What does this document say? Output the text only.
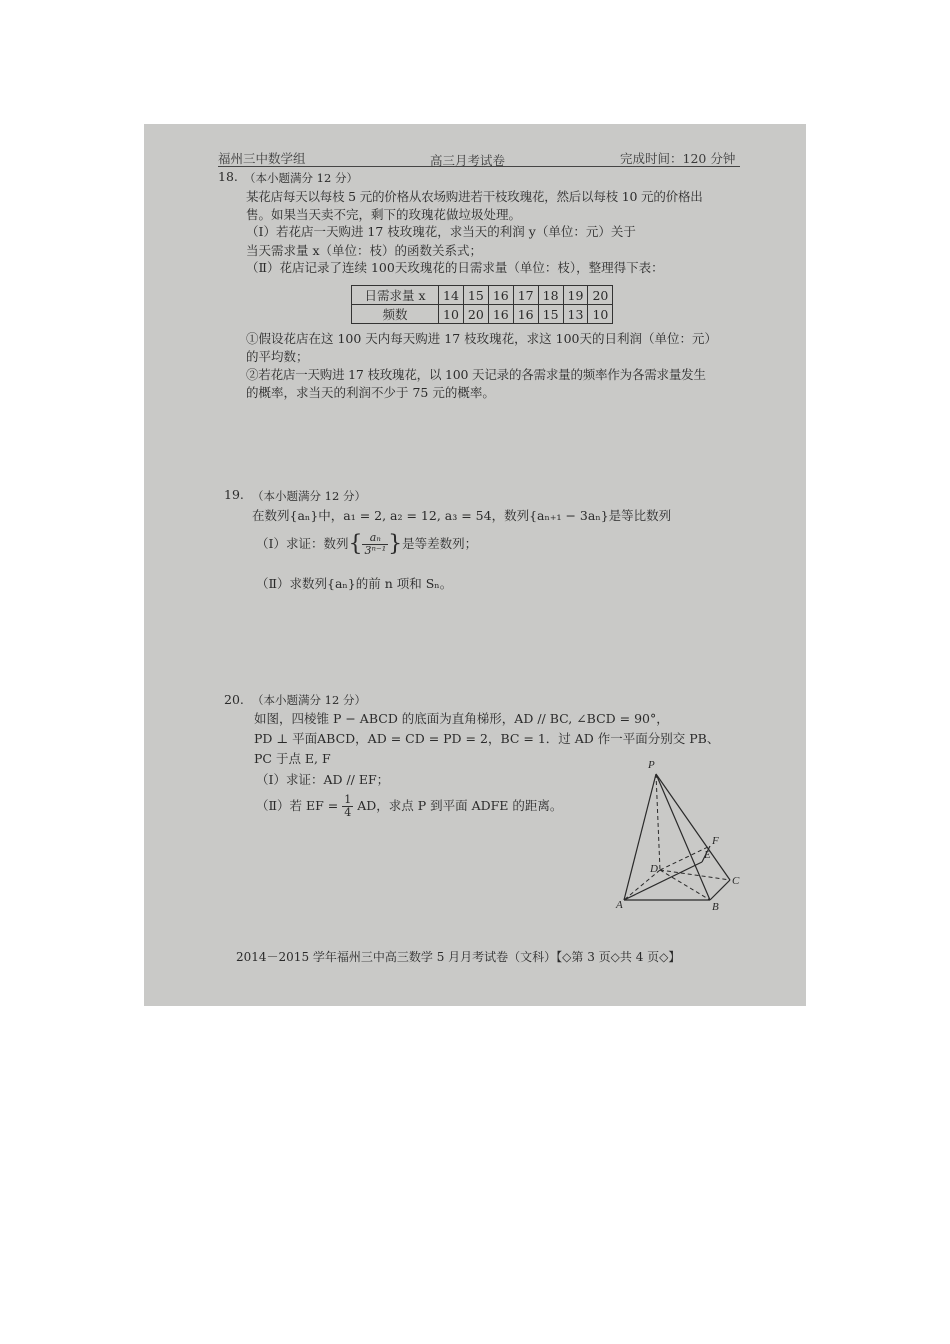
福州三中数学组	高三月考试卷	完成时间：120 分钟
18. （本小题满分 12 分）
某花店每天以每枝 5 元的价格从农场购进若干枝玫瑰花，然后以每枝 10 元的价格出
售。如果当天卖不完，剩下的玫瑰花做垃圾处理。
（Ⅰ）若花店一天购进 17 枝玫瑰花，求当天的利润 y（单位：元）关于
当天需求量 x（单位：枝）的函数关系式；
（Ⅱ）花店记录了连续 100天玫瑰花的日需求量（单位：枝），整理得下表：
日需求量 x	14	15	16	17	18	19	20
频数	10	20	16	16	15	13	10
①假设花店在这 100 天内每天购进 17 枝玫瑰花，求这 100天的日利润（单位：元）
的平均数；
②若花店一天购进 17 枝玫瑰花，以 100 天记录的各需求量的频率作为各需求量发生
的概率，求当天的利润不少于 75 元的概率。
19. （本小题满分 12 分）
在数列{aₙ}中，a₁ = 2, a₂ = 12, a₃ = 54，数列{aₙ₊₁ − 3aₙ}是等比数列
（Ⅰ）求证：数列{ $\frac{\text{aₙ}}{\text{3ⁿ⁻¹}}$ }是等差数列；
（Ⅱ）求数列{aₙ}的前 n 项和 Sₙ。
20. （本小题满分 12 分）
如图，四棱锥 P − ABCD 的底面为直角梯形，AD // BC, ∠BCD = 90°，
PD ⊥ 平面ABCD，AD = CD = PD = 2，BC = 1．过 AD 作一平面分别交 PB、
PC 于点 E, F
（Ⅰ）求证：AD // EF；
（Ⅱ）若 EF = $\frac{1}{4}$ AD，求点 P 到平面 ADFE 的距离。
P
F
E
D
C
A	B
2014－2015 学年福州三中高三数学 5 月月考试卷（文科）【◇第 3 页◇共 4 页◇】
